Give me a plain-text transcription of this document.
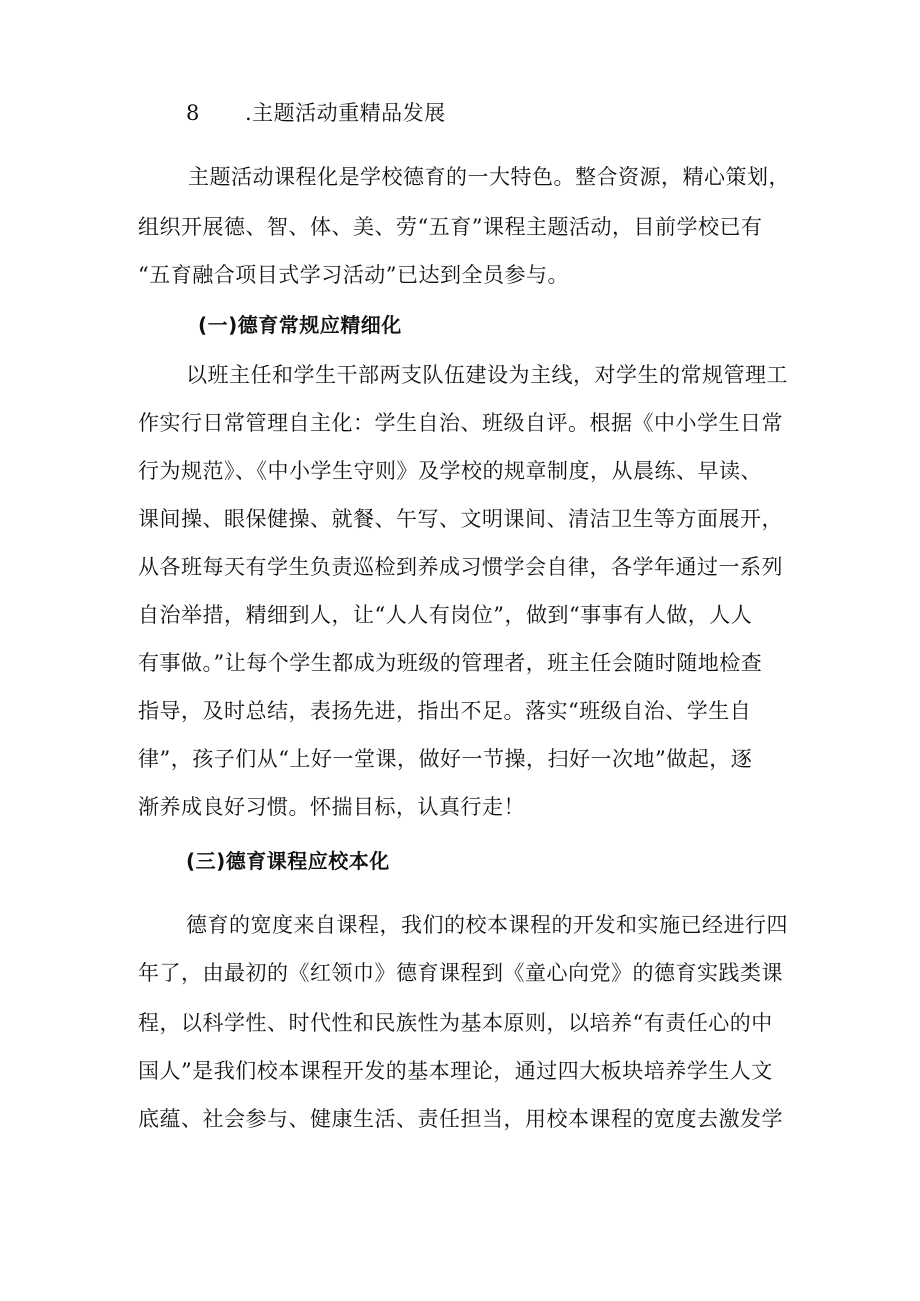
8 .主题活动重精品发展
主题活动课程化是学校德育的一大特色。整合资源，精心策划，
组织开展德、智、体、美、劳“五育”课程主题活动，目前学校已有
“五育融合项目式学习活动”已达到全员参与。
(一)德育常规应精细化
以班主任和学生干部两支队伍建设为主线，对学生的常规管理工
作实行日常管理自主化：学生自治、班级自评。根据《中小学生日常
行为规范》、《中小学生守则》及学校的规章制度，从晨练、早读、
课间操、眼保健操、就餐、午写、文明课间、清洁卫生等方面展开，
从各班每天有学生负责巡检到养成习惯学会自律，各学年通过一系列
自治举措，精细到人，让“人人有岗位”，做到“事事有人做，人人
有事做。”让每个学生都成为班级的管理者，班主任会随时随地检查
指导，及时总结，表扬先进，指出不足。落实“班级自治、学生自
律”，孩子们从“上好一堂课，做好一节操，扫好一次地”做起，逐
渐养成良好习惯。怀揣目标，认真行走！
(三)德育课程应校本化
德育的宽度来自课程，我们的校本课程的开发和实施已经进行四
年了，由最初的《红领巾》德育课程到《童心向党》的德育实践类课
程，以科学性、时代性和民族性为基本原则，以培养“有责任心的中
国人”是我们校本课程开发的基本理论，通过四大板块培养学生人文
底蕴、社会参与、健康生活、责任担当，用校本课程的宽度去激发学
